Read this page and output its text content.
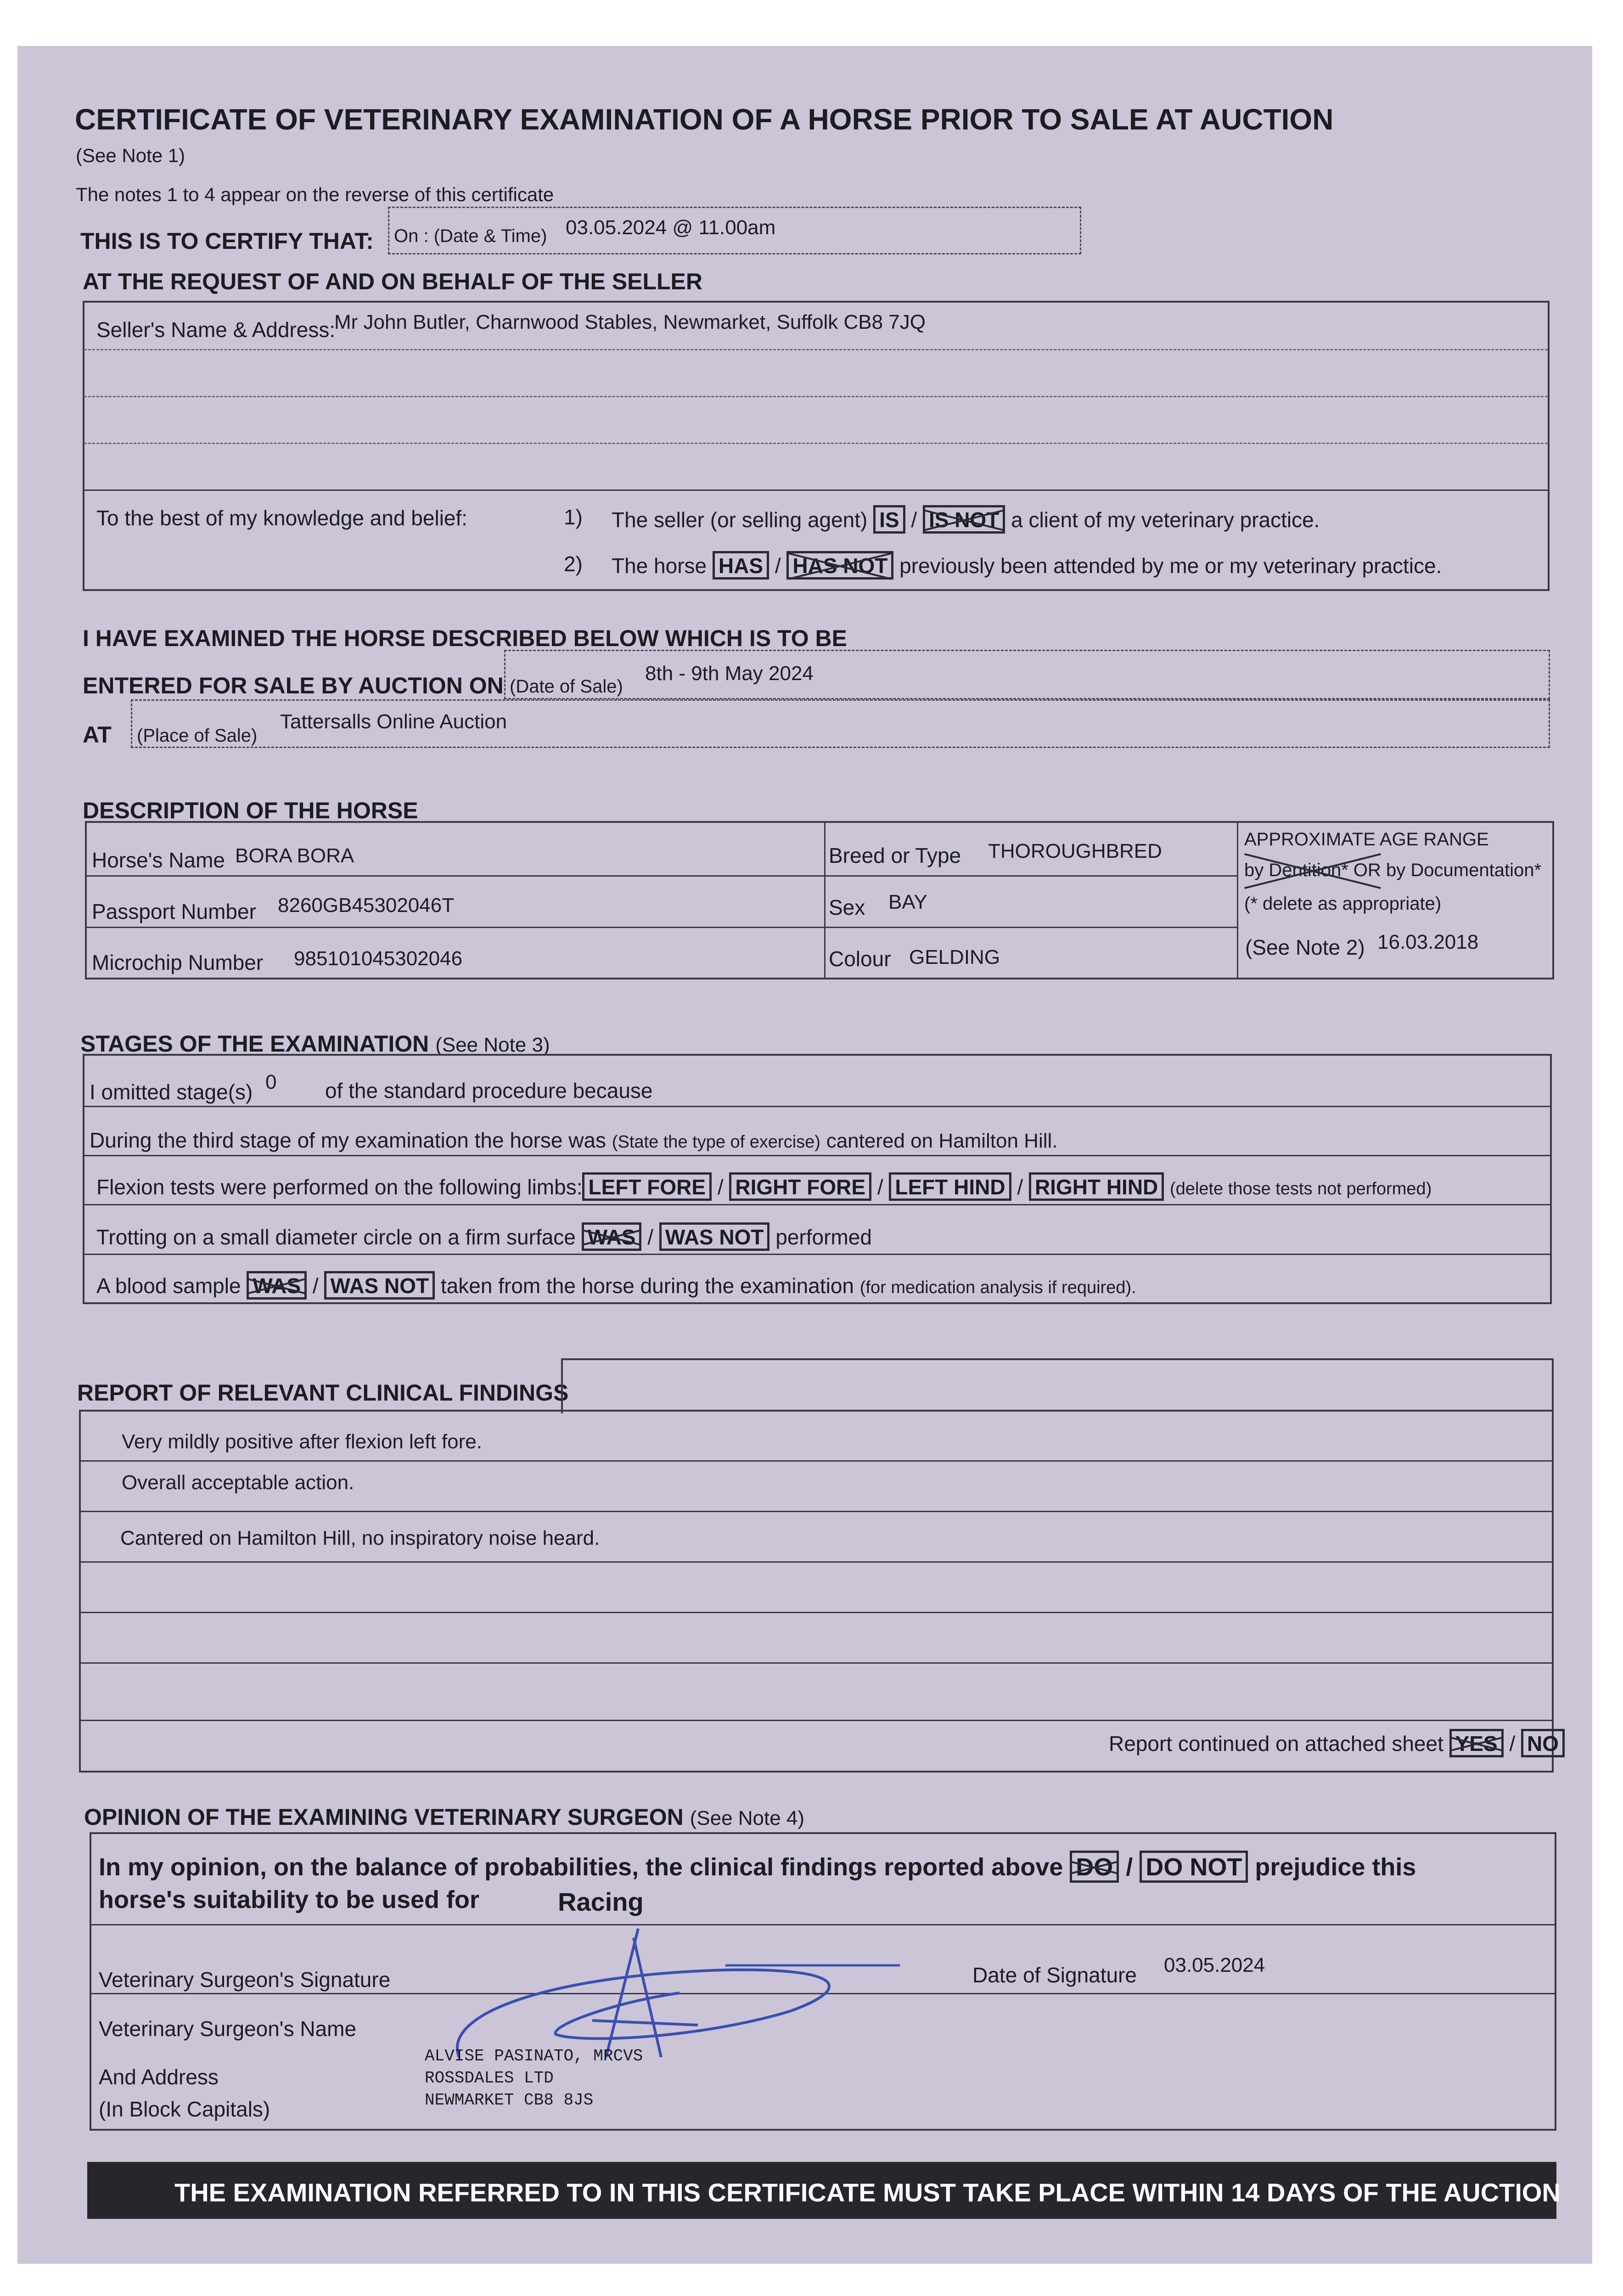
CERTIFICATE OF VETERINARY EXAMINATION OF A HORSE PRIOR TO SALE AT AUCTION
(See Note 1)
The notes 1 to 4 appear on the reverse of this certificate
THIS IS TO CERTIFY THAT: On : (Date & Time) 03.05.2024 @ 11.00am
AT THE REQUEST OF AND ON BEHALF OF THE SELLER
Seller's Name & Address:
Mr John Butler, Charnwood Stables, Newmarket, Suffolk CB8 7JQ
To the best of my knowledge and belief:	1) The seller (or selling agent) IS / IS NOT a client of my veterinary practice.
2) The horse HAS / HAS NOT previously been attended by me or my veterinary practice.
I HAVE EXAMINED THE HORSE DESCRIBED BELOW WHICH IS TO BE
ENTERED FOR SALE BY AUCTION ON (Date of Sale)
8th - 9th May 2024
AT (Place of Sale)
Tattersalls Online Auction
DESCRIPTION OF THE HORSE
Horse's Name BORA BORA
Passport Number 8260GB45302046T
Microchip Number 985101045302046
Breed or Type THOROUGHBRED
Sex BAY
Colour GELDING
APPROXIMATE AGE RANGE
by Dentition* OR by Documentation*
(* delete as appropriate)
(See Note 2) 16.03.2018
STAGES OF THE EXAMINATION (See Note 3)
I omitted stage(s) 0 of the standard procedure because
During the third stage of my examination the horse was (State the type of exercise) cantered on Hamilton Hill.
Flexion tests were performed on the following limbs: LEFT FORE / RIGHT FORE / LEFT HIND / RIGHT HIND (delete those tests not performed)
Trotting on a small diameter circle on a firm surface WAS / WAS NOT performed
A blood sample WAS / WAS NOT taken from the horse during the examination (for medication analysis if required).
REPORT OF RELEVANT CLINICAL FINDINGS
Very mildly positive after flexion left fore.
Overall acceptable action.
Cantered on Hamilton Hill, no inspiratory noise heard.
Report continued on attached sheet YES / NO
OPINION OF THE EXAMINING VETERINARY SURGEON (See Note 4)
In my opinion, on the balance of probabilities, the clinical findings reported above DO / DO NOT prejudice this
horse's suitability to be used for	Racing
Veterinary Surgeon's Signature	Date of Signature 03.05.2024
Veterinary Surgeon's Name
And Address
(In Block Capitals)
ALVISE PASINATO, MRCVS
ROSSDALES LTD
NEWMARKET CB8 8JS
THE EXAMINATION REFERRED TO IN THIS CERTIFICATE MUST TAKE PLACE WITHIN 14 DAYS OF THE AUCTION
